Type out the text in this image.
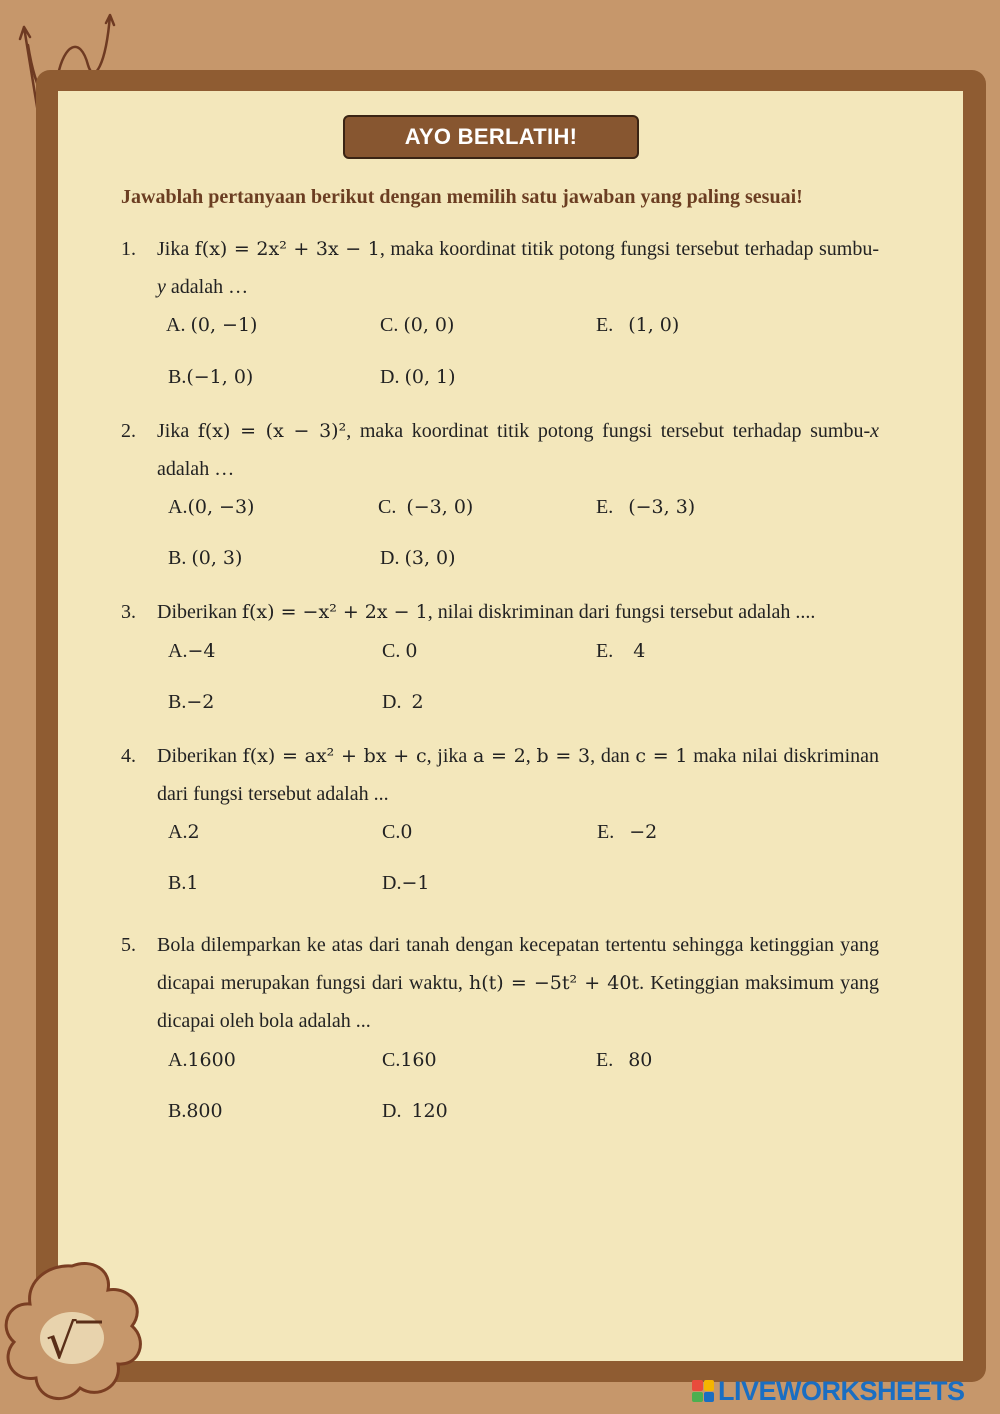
AYO BERLATIH!
Jawablah pertanyaan berikut dengan memilih satu jawaban yang paling sesuai!
1. Jika f(x) = 2x² + 3x − 1, maka koordinat titik potong fungsi tersebut terhadap sumbu-y adalah …
A. (0, −1)
B.(−1, 0)
C. (0, 0)
D. (0, 1)
E. (1, 0)
2. Jika f(x) = (x − 3)², maka koordinat titik potong fungsi tersebut terhadap sumbu-x adalah …
A.(0, −3)
B. (0, 3)
C. (−3, 0)
D. (3, 0)
E. (−3, 3)
3. Diberikan f(x) = −x² + 2x − 1, nilai diskriminan dari fungsi tersebut adalah ....
A.−4
B.−2
C. 0
D. 2
E. 4
4. Diberikan f(x) = ax² + bx + c, jika a = 2, b = 3, dan c = 1 maka nilai diskriminan dari fungsi tersebut adalah ...
A.2
B.1
C.0
D.−1
E. −2
5. Bola dilemparkan ke atas dari tanah dengan kecepatan tertentu sehingga ketinggian yang dicapai merupakan fungsi dari waktu, h(t) = −5t² + 40t. Ketinggian maksimum yang dicapai oleh bola adalah ...
A.1600
B.800
C.160
D. 120
E. 80
√
LIVEWORKSHEETS
